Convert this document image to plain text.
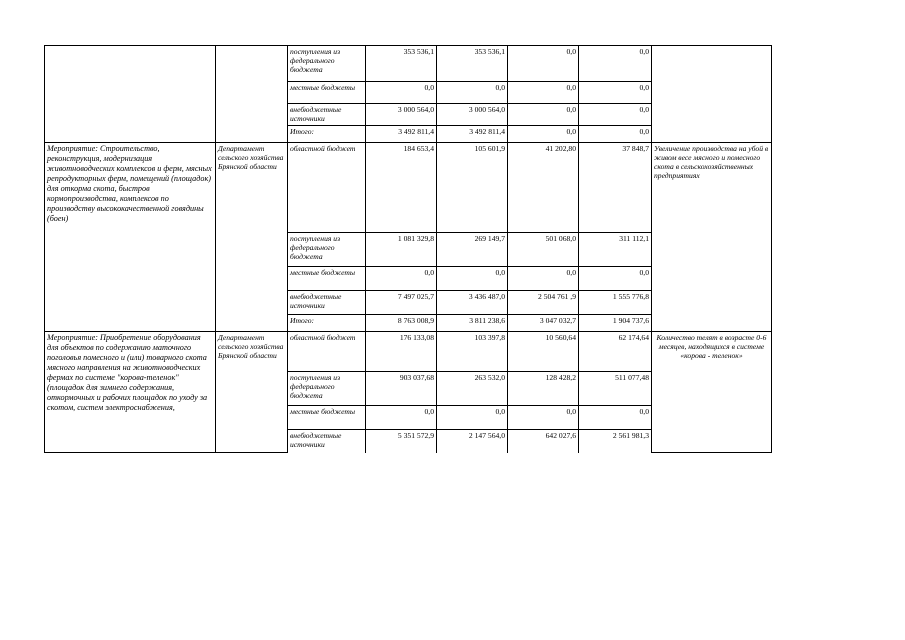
		поступления из федерального бюджета	353 536,1	353 536,1	0,0	0,0	
		местные бюджеты	0,0	0,0	0,0	0,0	
		внебюджетные источники	3 000 564,0	3 000 564,0	0,0	0,0	
		Итого:	3 492 811,4	3 492 811,4	0,0	0,0	
Мероприятие: Строительство, реконструкция, модернизация животноводческих комплексов и ферм, мясных репродукторных ферм, помещений (площадок) для откорма скота, быстров кормопроизводства, комплексов по производству высококачественной говядины (боен)	Департамент сельского хозяйства Брянской области	областной бюджет	184 653,4	105 601,9	41 202,80	37 848,7	Увеличение производства на убой в живом весе мясного и помесного скота в сельскохозяйственных предприятиях
		поступления из федерального бюджета	1 081 329,8	269 149,7	501 068,0	311 112,1	
		местные бюджеты	0,0	0,0	0,0	0,0	
		внебюджетные источники	7 497 025,7	3 436 487,0	2 504 761 ,9	1 555 776,8	
		Итого:	8 763 008,9	3 811 238,6	3 047 032,7	1 904 737,6	
Мероприятие: Приобретение оборудования для объектов по содержанию маточного поголовья помесного и (или) товарного скота мясного направления на животноводческих фермах по системе "корова-теленок" (площадок для зимнего содержания, откормочных и рабочих площадок по уходу за скотом, систем электроснабжения,	Департамент сельского хозяйства Брянской области	областной бюджет	176 133,08	103 397,8	10 560,64	62 174,64	Количество телят в возрасте 0-6 месяцев, находящихся в системе «корова - теленок»
		поступления из федерального бюджета	903 037,68	263 532,0	128 428,2	511 077,48	
		местные бюджеты	0,0	0,0	0,0	0,0	
		внебюджетные источники	5 351 572,9	2 147 564,0	642 027,6	2 561 981,3	
